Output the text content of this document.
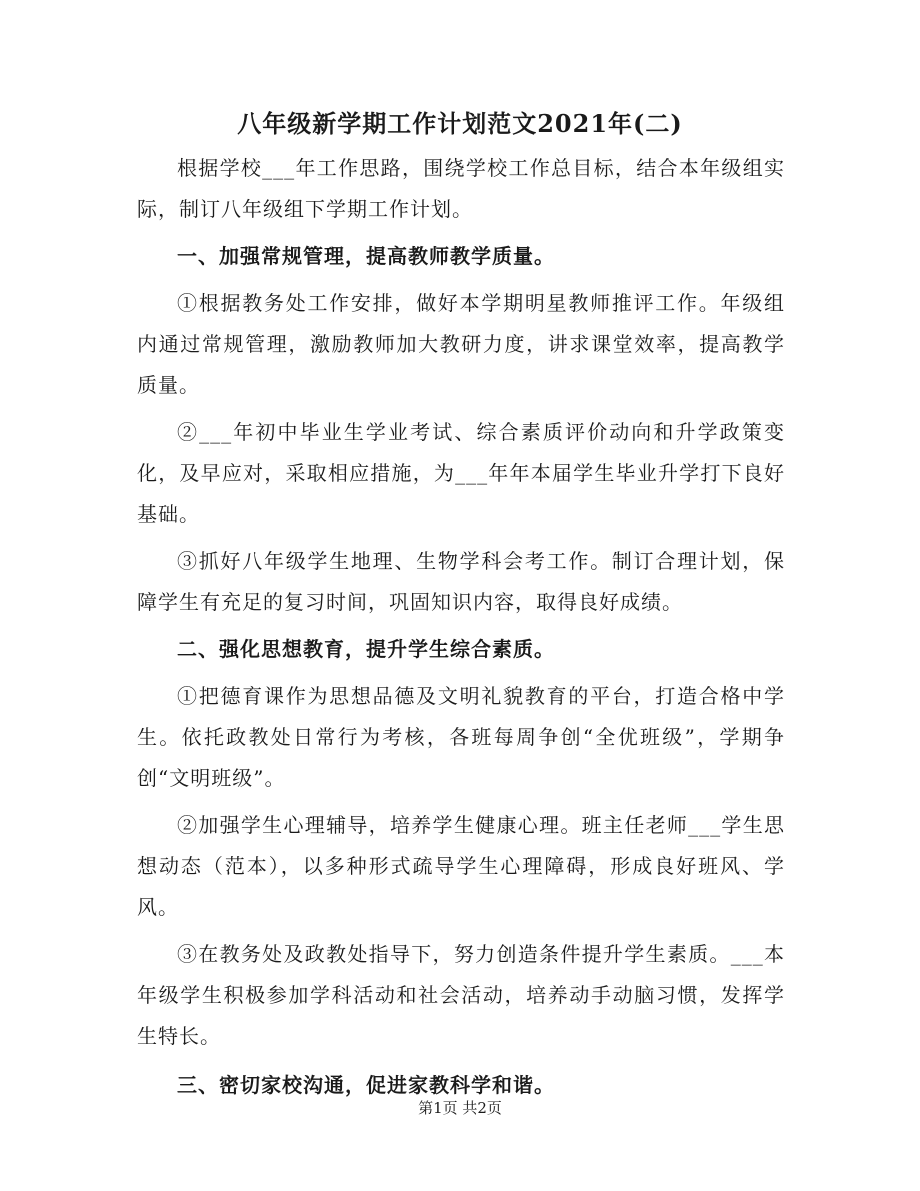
八年级新学期工作计划范文2021年(二)

根据学校___年工作思路，围绕学校工作总目标，结合本年级组实际，制订八年级组下学期工作计划。

一、加强常规管理，提高教师教学质量。

①根据教务处工作安排，做好本学期明星教师推评工作。年级组内通过常规管理，激励教师加大教研力度，讲求课堂效率，提高教学质量。

②___年初中毕业生学业考试、综合素质评价动向和升学政策变化，及早应对，采取相应措施，为___年年本届学生毕业升学打下良好基础。

③抓好八年级学生地理、生物学科会考工作。制订合理计划，保障学生有充足的复习时间，巩固知识内容，取得良好成绩。

二、强化思想教育，提升学生综合素质。

①把德育课作为思想品德及文明礼貌教育的平台，打造合格中学生。依托政教处日常行为考核，各班每周争创“全优班级”，学期争创“文明班级”。

②加强学生心理辅导，培养学生健康心理。班主任老师___学生思想动态（范本），以多种形式疏导学生心理障碍，形成良好班风、学风。

③在教务处及政教处指导下，努力创造条件提升学生素质。___本年级学生积极参加学科活动和社会活动，培养动手动脑习惯，发挥学生特长。

三、密切家校沟通，促进家教科学和谐。

第1页 共2页
